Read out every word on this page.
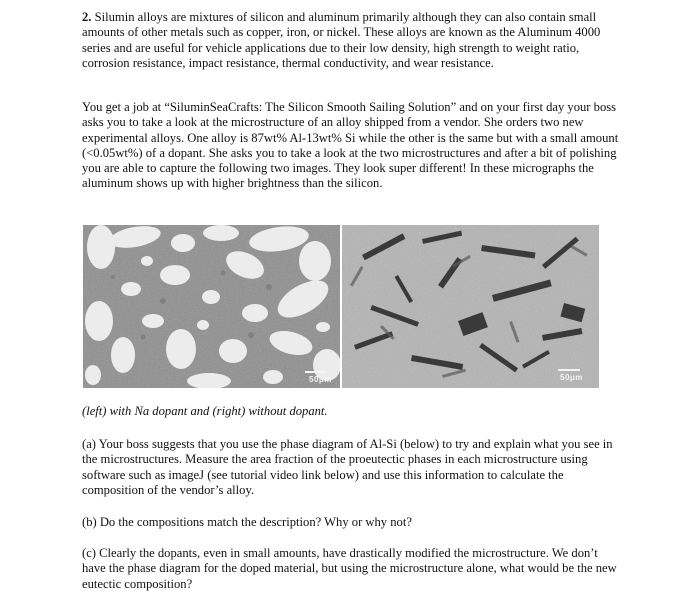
2. Silumin alloys are mixtures of silicon and aluminum primarily although they can also contain small amounts of other metals such as copper, iron, or nickel. These alloys are known as the Aluminum 4000 series and are useful for vehicle applications due to their low density, high strength to weight ratio, corrosion resistance, impact resistance, thermal conductivity, and wear resistance.

You get a job at “SiluminSeaCrafts: The Silicon Smooth Sailing Solution” and on your first day your boss asks you to take a look at the microstructure of an alloy shipped from a vendor. She orders two new experimental alloys. One alloy is 87wt% Al-13wt% Si while the other is the same but with a small amount (<0.05wt%) of a dopant. She asks you to take a look at the two microstructures and after a bit of polishing you are able to capture the following two images. They look super different! In these micrographs the aluminum shows up with higher brightness than the silicon.

50μm	50μm

(left) with Na dopant and (right) without dopant.

(a) Your boss suggests that you use the phase diagram of Al-Si (below) to try and explain what you see in the microstructures. Measure the area fraction of the proeutectic phases in each microstructure using software such as imageJ (see tutorial video link below) and use this information to calculate the composition of the vendor’s alloy.

(b) Do the compositions match the description? Why or why not?

(c) Clearly the dopants, even in small amounts, have drastically modified the microstructure. We don’t have the phase diagram for the doped material, but using the microstructure alone, what would be the new eutectic composition?
